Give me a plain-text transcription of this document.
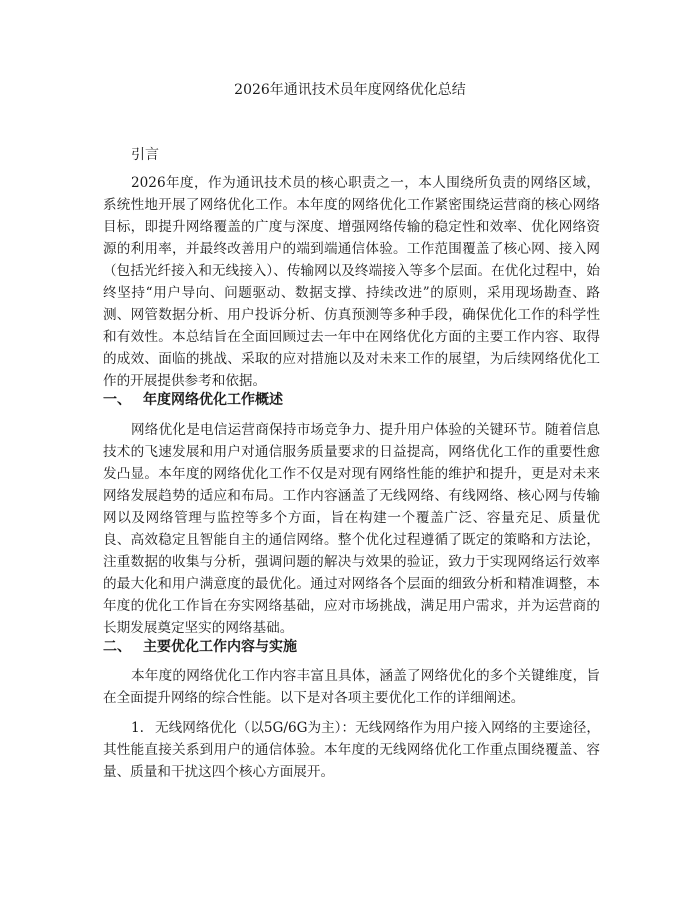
2026年通讯技术员年度网络优化总结
引言

2026年度，作为通讯技术员的核心职责之一，本人围绕所负责的网络区域，系统性地开展了网络优化工作。本年度的网络优化工作紧密围绕运营商的核心网络目标，即提升网络覆盖的广度与深度、增强网络传输的稳定性和效率、优化网络资源的利用率，并最终改善用户的端到端通信体验。工作范围覆盖了核心网、接入网（包括光纤接入和无线接入）、传输网以及终端接入等多个层面。在优化过程中，始终坚持“用户导向、问题驱动、数据支撑、持续改进”的原则，采用现场勘查、路测、网管数据分析、用户投诉分析、仿真预测等多种手段，确保优化工作的科学性和有效性。本总结旨在全面回顾过去一年中在网络优化方面的主要工作内容、取得的成效、面临的挑战、采取的应对措施以及对未来工作的展望，为后续网络优化工作的开展提供参考和依据。

一、 年度网络优化工作概述

网络优化是电信运营商保持市场竞争力、提升用户体验的关键环节。随着信息技术的飞速发展和用户对通信服务质量要求的日益提高，网络优化工作的重要性愈发凸显。本年度的网络优化工作不仅是对现有网络性能的维护和提升，更是对未来网络发展趋势的适应和布局。工作内容涵盖了无线网络、有线网络、核心网与传输网以及网络管理与监控等多个方面，旨在构建一个覆盖广泛、容量充足、质量优良、高效稳定且智能自主的通信网络。整个优化过程遵循了既定的策略和方法论，注重数据的收集与分析，强调问题的解决与效果的验证，致力于实现网络运行效率的最大化和用户满意度的最优化。通过对网络各个层面的细致分析和精准调整，本年度的优化工作旨在夯实网络基础，应对市场挑战，满足用户需求，并为运营商的长期发展奠定坚实的网络基础。

二、 主要优化工作内容与实施

本年度的网络优化工作内容丰富且具体，涵盖了网络优化的多个关键维度，旨在全面提升网络的综合性能。以下是对各项主要优化工作的详细阐述。

1. 无线网络优化（以5G/6G为主）：无线网络作为用户接入网络的主要途径，其性能直接关系到用户的通信体验。本年度的无线网络优化工作重点围绕覆盖、容量、质量和干扰这四个核心方面展开。
